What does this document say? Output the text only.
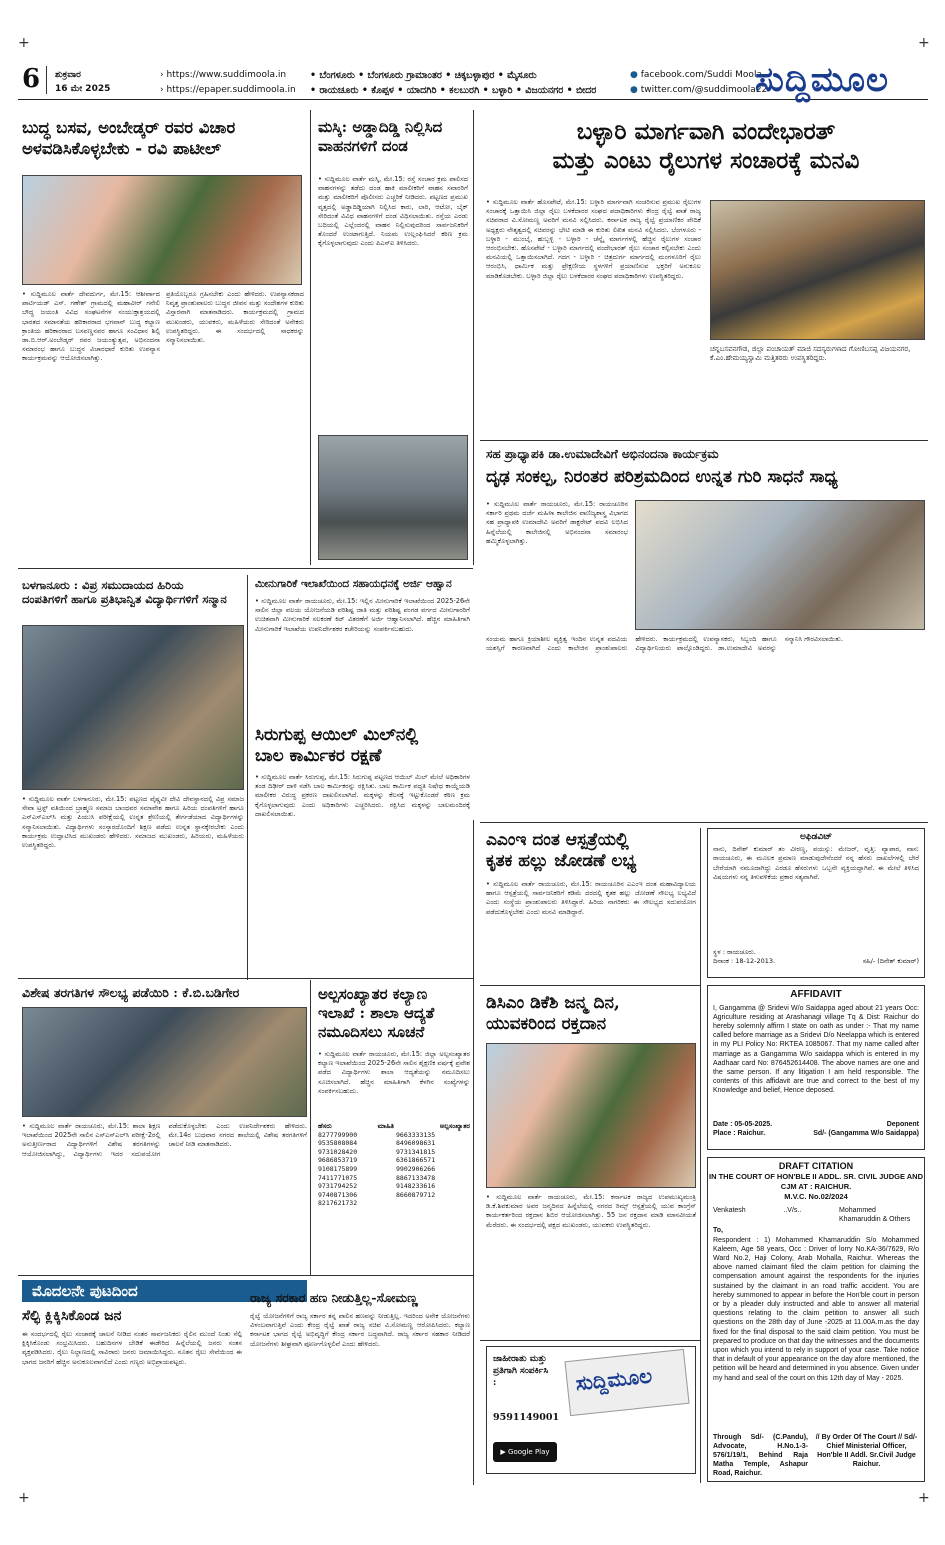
+	+
+	+
6 ಶುಕ್ರವಾರ
16 ಮೇ 2025
› https://www.suddimoola.in
› https://epaper.suddimoola.in
• ಬೆಂಗಳೂರು • ಬೆಂಗಳೂರು ಗ್ರಾಮಾಂತರ • ಚಿಕ್ಕಬಳ್ಳಾಪುರ • ಮೈಸೂರು
• ರಾಯಚೂರು • ಕೊಪ್ಪಳ • ಯಾದಗಿರಿ • ಕಲಬುರಗಿ • ಬಳ್ಳಾರಿ • ವಿಜಯನಗರ • ಬೀದರ
● facebook.com/Suddi Moola
● twitter.com/@suddimoola22
ಸುದ್ದಿಮೂಲ
ಬುದ್ಧ ಬಸವ, ಅಂಬೇಡ್ಕರ್ ರವರ ವಿಚಾರ
ಅಳವಡಿಸಿಕೊಳ್ಳಬೇಕು - ರವಿ ಪಾಟೀಲ್
• ಸುದ್ದಿಮೂಲ ವಾರ್ತೆ ದೇವದುರ್ಗ, ಮೇ.15: ಆಶೀರ್ವಾದ ಪಾರ್ಟಿಯಡ್‌ ಎಸ್. ಗಣೇಶ್‌ ಗ್ರಾಮದಲ್ಲಿ ಮಹಾವೀರ್ ಗನೇಲಿ ಬೌದ್ಧ ಜಯಂತಿ ವಿವಿಧ ಸಂಘಟನೆಗಳ ಸಂಯುಕ್ತಾಶ್ರಯದಲ್ಲಿ ಭಾರತದ ಸಮಾನತೆಯ ಹರಿಕಾರರಾದ ಭಗವಾನ್ ಬುದ್ಧ ಕಲ್ಯಾಣ ಕ್ರಾಂತಿಯ ಹರಿಕಾರರಾದ ಬಸವಣ್ಣನವರ ಹಾಗೂ ಸಂವಿಧಾನ ಶಿಲ್ಪಿ ಡಾ.ಬಿ.ಆರ್.ಅಂಬೇಡ್ಕರ್ ರವರ ಜಯಂತ್ಯುತ್ಸವ, ಅಭಿನಂದನಾ ಸಮಾರಂಭ ಹಾಗೂ ಬುದ್ಧನ ವಿಚಾರಧಾರೆ ಕುರಿತು ಉಪನ್ಯಾಸ ಕಾರ್ಯಕ್ರಮವನ್ನು ಆಯೋಜಿಸಲಾಗಿತ್ತು.
ಪ್ರತಿಯೊಬ್ಬರೂ ಗ್ರಹಿಸಬೇಕು ಎಂದು ಹೇಳಿದರು. ಉಪನ್ಯಾಸಕರಾದ ನಿವೃತ್ತ ಪ್ರಾಂಶುಪಾಲರು ಬುದ್ಧನ ಜೀವನ ಮತ್ತು ಸಂದೇಶಗಳ ಕುರಿತು ವಿಸ್ತಾರವಾಗಿ ಮಾತನಾಡಿದರು. ಕಾರ್ಯಕ್ರಮದಲ್ಲಿ ಗ್ರಾಮದ ಮುಖಂಡರು, ಯುವಕರು, ಮಹಿಳೆಯರು ಸೇರಿದಂತೆ ಅನೇಕರು ಉಪಸ್ಥಿತರಿದ್ದರು. ಈ ಸಂದರ್ಭದಲ್ಲಿ ಸಾಧಕರನ್ನು ಸನ್ಮಾನಿಸಲಾಯಿತು.
ಮಸ್ಕಿ: ಅಡ್ಡಾದಿಡ್ಡಿ ನಿಲ್ಲಿಸಿದ
ವಾಹನಗಳಿಗೆ ದಂಡ
• ಸುದ್ದಿಮೂಲ ವಾರ್ತೆ ಮಸ್ಕಿ, ಮೇ.15: ರಸ್ತೆ ಸಂಚಾರ ಕ್ರಮ ಪಾಲಿಸದ ವಾಹನಗಳನ್ನು ತಡೆದು ದಂಡ ಹಾಕಿ ಮಾಲೀಕರಿಗೆ ವಾಹನ ಸವಾರರಿಗೆ ಮತ್ತು ಮಾಲೀಕರಿಗೆ ಪೊಲೀಸರು ಎಚ್ಚರಿಕೆ ನೀಡಿದರು. ಪಟ್ಟಣದ ಪ್ರಮುಖ ವೃತ್ತದಲ್ಲಿ ಅಡ್ಡಾದಿಡ್ಡಿಯಾಗಿ ನಿಲ್ಲಿಸಿದ ಕಾರು, ಲಾರಿ, ಆಟೋ, ಬೈಕ್ ಸೇರಿದಂತೆ ವಿವಿಧ ವಾಹನಗಳಿಗೆ ದಂಡ ವಿಧಿಸಲಾಯಿತು. ರಸ್ತೆಯ ಎರಡು ಬದಿಯಲ್ಲಿ ಎಲ್ಲೆಂದರಲ್ಲಿ ವಾಹನ ನಿಲ್ಲಿಸುವುದರಿಂದ ಸಾರ್ವಜನಿಕರಿಗೆ ತೊಂದರೆ ಉಂಟಾಗುತ್ತಿದೆ. ನಿಯಮ ಉಲ್ಲಂಘಿಸಿದರೆ ಕಠಿಣ ಕ್ರಮ ಕೈಗೊಳ್ಳಲಾಗುವುದು ಎಂದು ಪಿಎಸ್ಐ ತಿಳಿಸಿದರು.
ಬಳ್ಳಾರಿ ಮಾರ್ಗವಾಗಿ ವಂದೇಭಾರತ್
ಮತ್ತು ಎಂಟು ರೈಲುಗಳ ಸಂಚಾರಕ್ಕೆ ಮನವಿ
• ಸುದ್ದಿಮೂಲ ವಾರ್ತೆ ಹೊಸಪೇಟೆ, ಮೇ.15: ಬಳ್ಳಾರಿ ಮಾರ್ಗವಾಗಿ ಸಂಚರಿಸುವ ಪ್ರಮುಖ ರೈಲುಗಳ ಸಂಚಾರಕ್ಕೆ ಒತ್ತಾಯಿಸಿ ಜಿಲ್ಲಾ ರೈಲು ಬಳಕೆದಾರರ ಸಂಘದ ಪದಾಧಿಕಾರಿಗಳು ಕೇಂದ್ರ ರೈಲ್ವೆ ಖಾತೆ ರಾಜ್ಯ ಸಚಿವರಾದ ವಿ.ಸೋಮಣ್ಣ ಅವರಿಗೆ ಮನವಿ ಸಲ್ಲಿಸಿದರು. ಕರ್ನಾಟಕ ರಾಜ್ಯ ರೈಲ್ವೆ ಪ್ರಯಾಣಿಕರ ವೇದಿಕೆ ಅಧ್ಯಕ್ಷರು ನೇತೃತ್ವದಲ್ಲಿ ಸಚಿವರನ್ನು ಭೇಟಿ ಮಾಡಿ ಈ ಕುರಿತು ಲಿಖಿತ ಮನವಿ ಸಲ್ಲಿಸಿದರು. ಬೆಂಗಳೂರು - ಬಳ್ಳಾರಿ - ಮುಂಬೈ, ಹುಬ್ಬಳ್ಳಿ - ಬಳ್ಳಾರಿ - ಚೆನ್ನೈ ಮಾರ್ಗಗಳಲ್ಲಿ ಹೆಚ್ಚಿನ ರೈಲುಗಳ ಸಂಚಾರ ಆರಂಭಿಸಬೇಕು. ಹೊಸಪೇಟೆ - ಬಳ್ಳಾರಿ ಮಾರ್ಗದಲ್ಲಿ ವಂದೇಭಾರತ್ ರೈಲು ಸಂಚಾರ ಕಲ್ಪಿಸಬೇಕು ಎಂದು ಮನವಿಯಲ್ಲಿ ಒತ್ತಾಯಿಸಲಾಗಿದೆ. ಗದಗ - ಬಳ್ಳಾರಿ - ಚಿತ್ರದುರ್ಗ ಮಾರ್ಗದಲ್ಲಿ ಮಂಗಳೂರಿಗೆ ರೈಲು ಆರಂಭಿಸಿ, ಧಾರ್ಮಿಕ ಮತ್ತು ಪ್ರೇಕ್ಷಣೀಯ ಸ್ಥಳಗಳಿಗೆ ಪ್ರಯಾಣಿಸುವ ಭಕ್ತರಿಗೆ ಅನುಕೂಲ ಮಾಡಿಕೊಡಬೇಕು. ಬಳ್ಳಾರಿ ಜಿಲ್ಲಾ ರೈಲು ಬಳಕೆದಾರರ ಸಂಘದ ಪದಾಧಿಕಾರಿಗಳು ಉಪಸ್ಥಿತರಿದ್ದರು.
ಚನ್ನಬಸವನಗೌಡ, ಜಿಲ್ಲಾ ಪಂಚಾಯತ್ ಮಾಜಿ ಸದಸ್ಯರುಗಳಾದ ಗೋಣಿಬಸಪ್ಪ ವಿಜಯನಗರ, ಕೆ.ಎಂ.ಹೇಮಯ್ಯಸ್ವಾಮಿ ಮತ್ತಿತರರು ಉಪಸ್ಥಿತರಿದ್ದರು.
ಸಹ ಪ್ರಾಧ್ಯಾಪಕಿ ಡಾ.ಉಮಾದೇವಿಗೆ ಅಭಿನಂದನಾ ಕಾರ್ಯಕ್ರಮ
ದೃಢ ಸಂಕಲ್ಪ, ನಿರಂತರ ಪರಿಶ್ರಮದಿಂದ ಉನ್ನತ ಗುರಿ ಸಾಧನೆ ಸಾಧ್ಯ
• ಸುದ್ದಿಮೂಲ ವಾರ್ತೆ ರಾಯಚೂರು, ಮೇ.15: ರಾಯಚೂರಿನ ಸರ್ಕಾರಿ ಪ್ರಥಮ ದರ್ಜೆ ಮಹಿಳಾ ಕಾಲೇಜಿನ ವಾಣಿಜ್ಯಶಾಸ್ತ್ರ ವಿಭಾಗದ ಸಹ ಪ್ರಾಧ್ಯಾಪಕಿ ಉಮಾದೇವಿ ಅವರಿಗೆ ಡಾಕ್ಟರೇಟ್ ಪದವಿ ಲಭಿಸಿದ ಹಿನ್ನೆಲೆಯಲ್ಲಿ ಕಾಲೇಜಿನಲ್ಲಿ ಅಭಿನಂದನಾ ಸಮಾರಂಭ ಹಮ್ಮಿಕೊಳ್ಳಲಾಗಿತ್ತು.
ಸಂಯಮ ಹಾಗೂ ಕ್ರಿಯಾಶೀಲ ವ್ಯಕ್ತಿತ್ವ ಇಂದಿನ ಉನ್ನತ ಪದವಿಯ ಯಶಸ್ಸಿಗೆ ಕಾರಣವಾಗಿದೆ ಎಂದು ಕಾಲೇಜಿನ ಪ್ರಾಂಶುಪಾಲರು ಹೇಳಿದರು. ಕಾರ್ಯಕ್ರಮದಲ್ಲಿ ಉಪನ್ಯಾಸಕರು, ಸಿಬ್ಬಂದಿ ಹಾಗೂ ವಿದ್ಯಾರ್ಥಿನಿಯರು ಪಾಲ್ಗೊಂಡಿದ್ದರು. ಡಾ.ಉಮಾದೇವಿ ಅವರನ್ನು ಸನ್ಮಾನಿಸಿ ಗೌರವಿಸಲಾಯಿತು.
ಬಳಗಾನೂರು : ವಿಪ್ರ ಸಮುದಾಯದ ಹಿರಿಯ
ದಂಪತಿಗಳಿಗೆ ಹಾಗೂ ಪ್ರತಿಭಾನ್ವಿತ ವಿದ್ಯಾರ್ಥಿಗಳಿಗೆ ಸನ್ಮಾನ
• ಸುದ್ದಿಮೂಲ ವಾರ್ತೆ ಬಳಗಾನೂರು, ಮೇ.15: ಪಟ್ಟಣದ ವೈಷ್ಣವೀ ದೇವಿ ದೇವಸ್ಥಾನದಲ್ಲಿ ವಿಪ್ರ ಸಮಾಜ ಸೇವಾ ಟ್ರಸ್ಟ್ ವತಿಯಿಂದ ಬ್ರಾಹ್ಮಣ ಸಮಾಜ ಬಾಂಧವರ ಸಮಾವೇಶ ಹಾಗೂ ಹಿರಿಯ ದಂಪತಿಗಳಿಗೆ ಹಾಗೂ ಎಸ್ಎಸ್ಎಲ್‌ಸಿ ಮತ್ತು ಪಿಯುಸಿ ಪರೀಕ್ಷೆಯಲ್ಲಿ ಉನ್ನತ ಶ್ರೇಣಿಯಲ್ಲಿ ತೇರ್ಗಡೆಯಾದ ವಿದ್ಯಾರ್ಥಿಗಳನ್ನು ಸನ್ಮಾನಿಸಲಾಯಿತು. ವಿದ್ಯಾರ್ಥಿಗಳು ಸಂಸ್ಕಾರದೊಂದಿಗೆ ಶಿಕ್ಷಣ ಪಡೆದು ಉನ್ನತ ಸ್ಥಾನಕ್ಕೇರಬೇಕು ಎಂದು ಕಾರ್ಯಕ್ರಮ ಉದ್ಘಾಟಿಸಿದ ಮುಖಂಡರು ಹೇಳಿದರು. ಸಮಾಜದ ಮುಖಂಡರು, ಹಿರಿಯರು, ಮಹಿಳೆಯರು ಉಪಸ್ಥಿತರಿದ್ದರು.
ಮೀನುಗಾರಿಕೆ ಇಲಾಖೆಯಿಂದ ಸಹಾಯಧನಕ್ಕೆ ಅರ್ಜಿ ಆಹ್ವಾನ
• ಸುದ್ದಿಮೂಲ ವಾರ್ತೆ ರಾಯಚೂರು, ಮೇ.15: ಇಲ್ಲಿನ ಮೀನುಗಾರಿಕೆ ಇಲಾಖೆಯಿಂದ 2025-26ನೇ ಸಾಲಿನ ಜಿಲ್ಲಾ ವಲಯ ಯೋಜನೆಯಡಿ ಪರಿಶಿಷ್ಟ ಜಾತಿ ಮತ್ತು ಪರಿಶಿಷ್ಟ ಪಂಗಡ ವರ್ಗದ ಮೀನುಗಾರರಿಗೆ ಉಚಿತವಾಗಿ ಮೀನುಗಾರಿಕೆ ಸಲಕರಣೆ ಕಿಟ್ ವಿತರಣೆಗೆ ಅರ್ಜಿ ಆಹ್ವಾನಿಸಲಾಗಿದೆ. ಹೆಚ್ಚಿನ ಮಾಹಿತಿಗಾಗಿ ಮೀನುಗಾರಿಕೆ ಇಲಾಖೆಯ ಉಪನಿರ್ದೇಶಕರ ಕಚೇರಿಯನ್ನು ಸಂಪರ್ಕಿಸಬಹುದು.
ಸಿರುಗುಪ್ಪ ಆಯಿಲ್ ಮಿಲ್‌ನಲ್ಲಿ
ಬಾಲ ಕಾರ್ಮಿಕರ ರಕ್ಷಣೆ
• ಸುದ್ದಿಮೂಲ ವಾರ್ತೆ ಸಿರುಗುಪ್ಪ, ಮೇ.15: ಸಿರುಗುಪ್ಪ ಪಟ್ಟಣದ ಆಯಿಲ್ ಮಿಲ್ ಮೇಲೆ ಅಧಿಕಾರಿಗಳ ತಂಡ ದಿಢೀರ್ ದಾಳಿ ನಡೆಸಿ ಬಾಲ ಕಾರ್ಮಿಕರನ್ನು ರಕ್ಷಿಸಿತು. ಬಾಲ ಕಾರ್ಮಿಕ ಪದ್ಧತಿ ನಿಷೇಧ ಕಾಯ್ದೆಯಡಿ ಮಾಲೀಕರ ವಿರುದ್ಧ ಪ್ರಕರಣ ದಾಖಲಿಸಲಾಗಿದೆ. ಮಕ್ಕಳನ್ನು ಕೆಲಸಕ್ಕೆ ಇಟ್ಟುಕೊಂಡರೆ ಕಠಿಣ ಕ್ರಮ ಕೈಗೊಳ್ಳಲಾಗುವುದು ಎಂದು ಅಧಿಕಾರಿಗಳು ಎಚ್ಚರಿಸಿದರು. ರಕ್ಷಿಸಿದ ಮಕ್ಕಳನ್ನು ಬಾಲಮಂದಿರಕ್ಕೆ ದಾಖಲಿಸಲಾಯಿತು.
ಎಎಂಇ ದಂತ ಆಸ್ಪತ್ರೆಯಲ್ಲಿ
ಕೃತಕ ಹಲ್ಲು ಜೋಡಣೆ ಲಭ್ಯ
• ಸುದ್ದಿಮೂಲ ವಾರ್ತೆ ರಾಯಚೂರು, ಮೇ.15: ರಾಯಚೂರಿನ ಎಎಂಇ ದಂತ ಮಹಾವಿದ್ಯಾಲಯ ಹಾಗೂ ಆಸ್ಪತ್ರೆಯಲ್ಲಿ ಸಾರ್ವಜನಿಕರಿಗೆ ಕಡಿಮೆ ದರದಲ್ಲಿ ಕೃತಕ ಹಲ್ಲು ಜೋಡಣೆ ಸೌಲಭ್ಯ ಲಭ್ಯವಿದೆ ಎಂದು ಸಂಸ್ಥೆಯ ಪ್ರಾಂಶುಪಾಲರು ತಿಳಿಸಿದ್ದಾರೆ. ಹಿರಿಯ ನಾಗರಿಕರು ಈ ಸೌಲಭ್ಯದ ಸದುಪಯೋಗ ಪಡೆದುಕೊಳ್ಳಬೇಕು ಎಂದು ಮನವಿ ಮಾಡಿದ್ದಾರೆ.
ವಿಶೇಷ ತರಗತಿಗಳ ಸೌಲಭ್ಯ ಪಡೆಯಿರಿ : ಕೆ.ಬಿ.ಬಡಿಗೇರ
• ಸುದ್ದಿಮೂಲ ವಾರ್ತೆ ರಾಯಚೂರು, ಮೇ.15: ಶಾಲಾ ಶಿಕ್ಷಣ ಇಲಾಖೆಯಿಂದ 2025ನೇ ಸಾಲಿನ ಎಸ್ಎಸ್ಎಲ್‌ಸಿ ಪರೀಕ್ಷೆ-2ರಲ್ಲಿ ಅನುತ್ತೀರ್ಣರಾದ ವಿದ್ಯಾರ್ಥಿಗಳಿಗೆ ವಿಶೇಷ ತರಗತಿಗಳನ್ನು ಆಯೋಜಿಸಲಾಗಿದ್ದು, ವಿದ್ಯಾರ್ಥಿಗಳು ಇದರ ಸದುಪಯೋಗ ಪಡೆದುಕೊಳ್ಳಬೇಕು ಎಂದು ಉಪನಿರ್ದೇಶಕರು ಹೇಳಿದರು. ಮೇ.14ರ ಬುಧವಾರ ನಗರದ ಶಾಲೆಯಲ್ಲಿ ವಿಶೇಷ ತರಗತಿಗಳಿಗೆ ಚಾಲನೆ ನೀಡಿ ಮಾತನಾಡಿದರು.
ಅಲ್ಪಸಂಖ್ಯಾತರ ಕಲ್ಯಾಣ
ಇಲಾಖೆ : ಶಾಲಾ ಆದ್ಯತೆ
ನಮೂದಿಸಲು ಸೂಚನೆ
• ಸುದ್ದಿಮೂಲ ವಾರ್ತೆ ರಾಯಚೂರು, ಮೇ.15: ಜಿಲ್ಲಾ ಅಲ್ಪಸಂಖ್ಯಾತರ ಕಲ್ಯಾಣ ಇಲಾಖೆಯಿಂದ 2025-26ನೇ ಸಾಲಿನ ಶೈಕ್ಷಣಿಕ ವರ್ಷಕ್ಕೆ ಪ್ರವೇಶ ಪಡೆದ ವಿದ್ಯಾರ್ಥಿಗಳು ಶಾಲಾ ಆದ್ಯತೆಯನ್ನು ನಮೂದಿಸಲು ಸೂಚಿಸಲಾಗಿದೆ. ಹೆಚ್ಚಿನ ಮಾಹಿತಿಗಾಗಿ ಕೆಳಗಿನ ಸಂಖ್ಯೆಗಳನ್ನು ಸಂಪರ್ಕಿಸಬಹುದು.
ಹೆಸರು	ಮಾಹಿತಿ	ಅಲ್ಪಸಂಖ್ಯಾತರ
8277799900	9663333135
9535808084	8496098631
9731028420	9731341815
9686853719	6361866571
9108175899	9902906266
7411771075	8867133478
9731794252	9148233616
9740871306	8660879712
8217621732
ಡಿಸಿಎಂ ಡಿಕೆಶಿ ಜನ್ಮ ದಿನ,
ಯುವಕರಿಂದ ರಕ್ತದಾನ
• ಸುದ್ದಿಮೂಲ ವಾರ್ತೆ ರಾಯಚೂರು, ಮೇ.15: ಕರ್ನಾಟಕ ರಾಜ್ಯದ ಉಪಮುಖ್ಯಮಂತ್ರಿ ಡಿ.ಕೆ.ಶಿವಕುಮಾರ ಅವರ ಜನ್ಮದಿನದ ಹಿನ್ನೆಲೆಯಲ್ಲಿ ನಗರದ ರಿಮ್ಸ್ ಆಸ್ಪತ್ರೆಯಲ್ಲಿ ಯುವ ಕಾಂಗ್ರೆಸ್ ಕಾರ್ಯಕರ್ತರಿಂದ ರಕ್ತದಾನ ಶಿಬಿರ ಆಯೋಜಿಸಲಾಗಿತ್ತು. 55 ಜನ ರಕ್ತದಾನ ಮಾಡಿ ಮಾನವೀಯತೆ ಮೆರೆದರು. ಈ ಸಂದರ್ಭದಲ್ಲಿ ಪಕ್ಷದ ಮುಖಂಡರು, ಯುವಕರು ಉಪಸ್ಥಿತರಿದ್ದರು.
ಮೊದಲನೇ ಪುಟದಿಂದ
ಸೆಲ್ಫಿ ಕ್ಲಿಕ್ಕಿಸಿಕೊಂಡ ಜನ
ಈ ಸಂದರ್ಭದಲ್ಲಿ ರೈಲು ಸಂಚಾರಕ್ಕೆ ಚಾಲನೆ ನೀಡಿದ ನಂತರ ಸಾರ್ವಜನಿಕರು ರೈಲಿನ ಮುಂದೆ ನಿಂತು ಸೆಲ್ಫಿ ಕ್ಲಿಕ್ಕಿಸಿಕೊಂಡು ಸಂಭ್ರಮಿಸಿದರು. ಬಹುದಿನಗಳ ಬೇಡಿಕೆ ಈಡೇರಿದ ಹಿನ್ನೆಲೆಯಲ್ಲಿ ಜನರು ಸಂತಸ ವ್ಯಕ್ತಪಡಿಸಿದರು. ರೈಲು ನಿಲ್ದಾಣದಲ್ಲಿ ಸಾವಿರಾರು ಜನರು ಜಮಾಯಿಸಿದ್ದರು. ನೂತನ ರೈಲು ಸೇವೆಯಿಂದ ಈ ಭಾಗದ ಜನರಿಗೆ ಹೆಚ್ಚಿನ ಅನುಕೂಲವಾಗಲಿದೆ ಎಂದು ಗಣ್ಯರು ಅಭಿಪ್ರಾಯಪಟ್ಟರು.
ರಾಜ್ಯ ಸರಕಾರ ಹಣ ನೀಡುತ್ತಿಲ್ಲ-ಸೋಮಣ್ಣ
ರೈಲ್ವೆ ಯೋಜನೆಗಳಿಗೆ ರಾಜ್ಯ ಸರ್ಕಾರ ತನ್ನ ಪಾಲಿನ ಹಣವನ್ನು ನೀಡುತ್ತಿಲ್ಲ. ಇದರಿಂದ ಅನೇಕ ಯೋಜನೆಗಳು ವಿಳಂಬವಾಗುತ್ತಿವೆ ಎಂದು ಕೇಂದ್ರ ರೈಲ್ವೆ ಖಾತೆ ರಾಜ್ಯ ಸಚಿವ ವಿ.ಸೋಮಣ್ಣ ಆರೋಪಿಸಿದರು. ಕಲ್ಯಾಣ ಕರ್ನಾಟಕ ಭಾಗದ ರೈಲ್ವೆ ಅಭಿವೃದ್ಧಿಗೆ ಕೇಂದ್ರ ಸರ್ಕಾರ ಬದ್ಧವಾಗಿದೆ. ರಾಜ್ಯ ಸರ್ಕಾರ ಸಹಕಾರ ನೀಡಿದರೆ ಯೋಜನೆಗಳು ಶೀಘ್ರವಾಗಿ ಪೂರ್ಣಗೊಳ್ಳಲಿವೆ ಎಂದು ಹೇಳಿದರು.
ಜಾಹೀರಾತು ಮತ್ತು ಪ್ರತಿಗಾಗಿ ಸಂಪರ್ಕಿಸಿ :
9591149001
ಸುದ್ದಿಮೂಲ
▶ Google Play
ಅಫಿಡವಿಟ್
ನಾನು, ದಿನೇಶ್ ಕುಮಾರ್ ತಂ ವೀರಣ್ಣ, ವಯಸ್ಸು: ಮೇಜರ್, ವೃತ್ತಿ: ವ್ಯಾಪಾರ, ವಾಸ: ರಾಯಚೂರು, ಈ ಮೂಲಕ ಪ್ರಮಾಣ ಮಾಡುವುದೇನೆಂದರೆ ನನ್ನ ಹೆಸರು ದಾಖಲೆಗಳಲ್ಲಿ ಬೇರೆ ಬೇರೆಯಾಗಿ ನಮೂದಾಗಿದ್ದು ಎರಡೂ ಹೆಸರುಗಳು ಒಬ್ಬನೇ ವ್ಯಕ್ತಿಯದ್ದಾಗಿವೆ. ಈ ಮೇಲೆ ತಿಳಿಸಿದ ವಿಷಯಗಳು ನನ್ನ ತಿಳುವಳಿಕೆಯ ಪ್ರಕಾರ ಸತ್ಯವಾಗಿವೆ.
ಸ್ಥಳ : ರಾಯಚೂರು.
ದಿನಾಂಕ : 18-12-2013.	ಸಹಿ/- (ದಿನೇಶ್ ಕುಮಾರ್)
AFFIDAVIT
I, Gangamma @ Sridevi W/o Saidappa aged about 21 years Occ: Agriculture residing at Arashanagi village Tq & Dist: Raichur do hereby solemnly affirm I state on oath as under :- That my name called before marriage as a Sridevi D/o Neelappa which is entered in my PLI Policy No: RKTEA 1085067. That my name called after marriage as a Gangamma W/o saidappa which is entered in my Aadhaar card No: 876452614408. The above names are one and the same person. If any litigation I am held responsible. The contents of this affidavit are true and correct to the best of my Knowledge and belief, Hence deposed.
Date : 05-05-2025.	Deponent
Place : Raichur.	Sd/- (Gangamma W/o Saidappa)
DRAFT CITATION
IN THE COURT OF HON'BLE II ADDL. SR. CIVIL JUDGE AND CJM AT : RAICHUR.
M.V.C. No.02/2024
Venkatesh	..V/s..	Mohammed Khamaruddin & Others
To,
Respondent : 1) Mohammed Khamaruddin S/o Mohammed Kaleem, Age 58 years, Occ : Driver of lorry No.KA-36/7629, R/o Ward No.2, Haji Colony, Arab Mohalla, Raichur. Whereas the above named claimant filed the claim petition for claiming the compensation amount against the respondents for the injuries sustained by the claimant in an road traffic accident. You are hereby summoned to appear in before the Hon'ble court in person or by a pleader duly instructed and able to answer all material questions relating to the claim petition to answer all such questions on the 28th day of June -2025 at 11.00A.m.as the day fixed for the final disposal to the said claim petition. You must be prepared to produce on that day the witnesses and the documents upon which you intend to rely in support of your case. Take notice that in default of your appearance on the day afore mentioned, the petition will be heard and determined in you absence. Given under my hand and seal of the court on this 12th day of May - 2025.
Through Sd/- (C.Pandu), Advocate, H.No.1-3-576/1/19/1, Behind Raja Matha Temple, Ashapur Road, Raichur.
// By Order Of The Court // Sd/- Chief Ministerial Officer, Hon'ble II Addl. Sr.Civil Judge Raichur.
